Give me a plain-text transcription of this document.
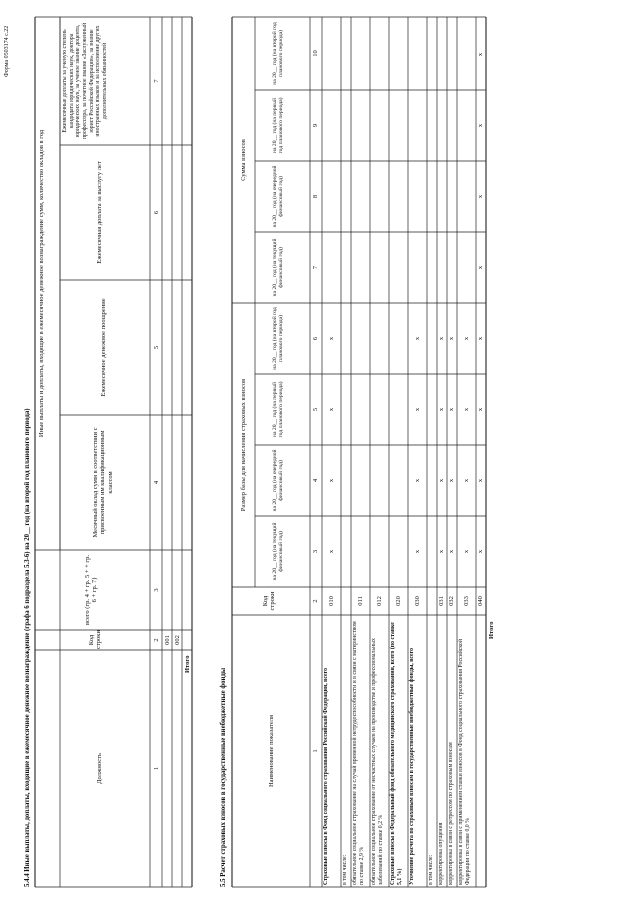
Форма 0503174 с.22
5.4.4 Иные выплаты, доплаты, входящие в ежемесячное денежное вознаграждение (графа 6 подраздела 5.3-6) на 20__ год (на второй год планового периода)	Должность
Код строки
всего (гр. 4 + гр. 5 + + гр. 6 + гр. 7)
Иные выплаты и доплаты, входящие в ежемесячное денежное вознаграждение сумм, количество окладов в год
Месячный оклад сумм в соответствии с присвоенным им квалификационным классом
Ежемесячное денежное поощрение
Ежемесячная доплата за выслугу лет
Ежемесячные доплаты за ученую степень кандидата юридических наук, доктора юридических наук, за ученое звание доцента, профессора, за почетное звание «Заслуженный юрист Российской Федерации», за знание иностранных языков и за исполнение других дополнительных обязанностей
1
2
3
4
5
6
7
001 002
Итого
5.5 Расчет страховых взносов в государственные внебюджетные фонды	Наименование показателя
Код строки
Размер базы для начисления страховых взносов
Сумма взносов
на 20__ год (на текущий финансовый год)
на 20__ год (на очередной финансовый год)
на 20__ год (на первый год планового периода)
на 20__ год (на второй год планового периода)
на 20__ год (на текущий финансовый год)
на 20__ год (на очередной финансовый год)
на 20__ год (на первый год планового периода)
на 20__ год (на второй год планового периода)
1
2
3
4
5
6
7
8
9
10
Страховые взносы в Фонд социального страхования Российской Федерации, всего
010
x
x
x
x
в том числе: обязательное социальное страхование на случай временной нетрудоспособности и в связи с материнством по ставке 2,9 %
011
обязательное социальное страхование от несчастных случаев на производстве и профессиональных заболеваний по ставке 0,2 %
012
Страховые взносы в Федеральный фонд обязательного медицинского страхования, всего (по ставке 5,1 %)
020
Уточнение расчета по страховым взносам в государственные внебюджетные фонды, всего
030
x
x
x
x
в том числе: корректировка опущения
031
x
x
x
x
корректировка в связи с ретрессом по страховым взносам
032
x
x
x
x
корректировка в связи с применением ставки взносов в Фонд социального страхования Российской Федерации по ставке 0,0 %
033
x
x
x
x
040
x
x
x
x
x
x
x
x
Итого
